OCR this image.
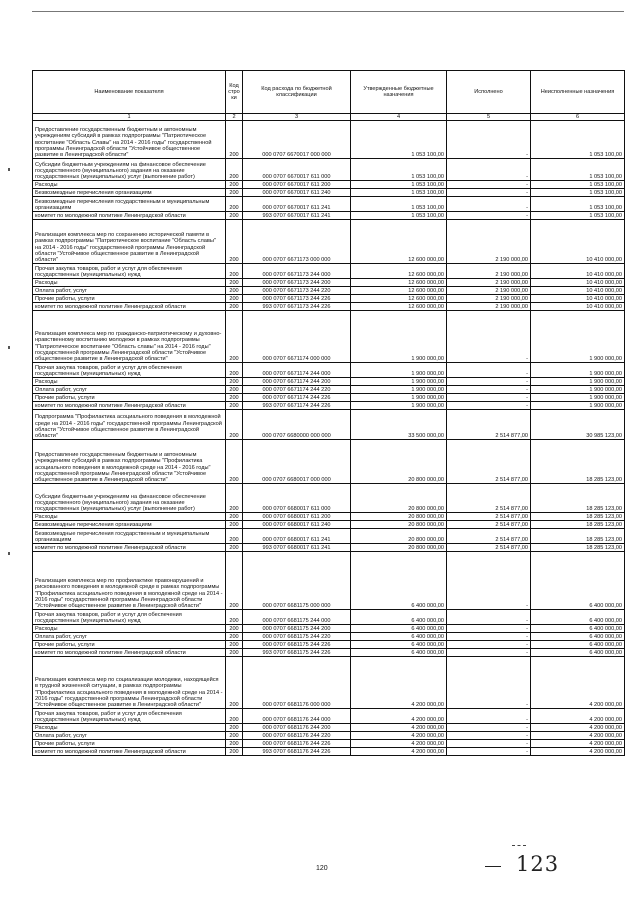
Наименование показателя	Код стро ки	Код расхода по бюджетной классификации	Утвержденные бюджетные назначения	Исполнено	Неисполненные назначения
1	2	3	4	5	6
Предоставление государственным бюджетным и автономным учреждениям субсидий в рамках подпрограммы "Патриотическое воспитание "Область Славы" на 2014 - 2016 годы" государственной программы Ленинградской области "Устойчивое общественное развитие в Ленинградской области"	200	000 0707 6670017 000 000	1 053 100,00	-	1 053 100,00
Субсидии бюджетным учреждениям на финансовое обеспечение государственного (муниципального) задания на оказание государственных (муниципальных) услуг (выполнение работ)	200	000 0707 6670017 611 000	1 053 100,00	-	1 053 100,00
Расходы	200	000 0707 6670017 611 200	1 053 100,00	-	1 053 100,00
Безвозмездные перечисления организациям	200	000 0707 6670017 611 240	1 053 100,00	-	1 053 100,00
Безвозмездные перечисления государственным и муниципальным организациям	200	000 0707 6670017 611 241	1 053 100,00	-	1 053 100,00
комитет по молодежной политике Ленинградской области	200	993 0707 6670017 611 241	1 053 100,00	-	1 053 100,00
Реализация комплекса мер по сохранению исторической памяти в рамках подпрограммы "Патриотическое воспитание "Область славы" на 2014 - 2016 годы" государственной программы Ленинградской области "Устойчивое общественное развитие в Ленинградской области"	200	000 0707 6671173 000 000	12 600 000,00	2 190 000,00	10 410 000,00
Прочая закупка товаров, работ и услуг для обеспечения государственных (муниципальных) нужд	200	000 0707 6671173 244 000	12 600 000,00	2 190 000,00	10 410 000,00
Расходы	200	000 0707 6671173 244 200	12 600 000,00	2 190 000,00	10 410 000,00
Оплата работ, услуг	200	000 0707 6671173 244 220	12 600 000,00	2 190 000,00	10 410 000,00
Прочие работы, услуги	200	000 0707 6671173 244 226	12 600 000,00	2 190 000,00	10 410 000,00
комитет по молодежной политике Ленинградской области	200	993 0707 6671173 244 226	12 600 000,00	2 190 000,00	10 410 000,00
Реализация комплекса мер по гражданско-патриотическому и духовно-нравственному воспитанию молодежи в рамках подпрограммы "Патриотическое воспитание "Область славы" на 2014 - 2016 годы" государственной программы Ленинградской области "Устойчивое общественное развитие в Ленинградской области"	200	000 0707 6671174 000 000	1 900 000,00	-	1 900 000,00
Прочая закупка товаров, работ и услуг для обеспечения государственных (муниципальных) нужд	200	000 0707 6671174 244 000	1 900 000,00	-	1 900 000,00
Расходы	200	000 0707 6671174 244 200	1 900 000,00	-	1 900 000,00
Оплата работ, услуг	200	000 0707 6671174 244 220	1 900 000,00	-	1 900 000,00
Прочие работы, услуги	200	000 0707 6671174 244 226	1 900 000,00	-	1 900 000,00
комитет по молодежной политике Ленинградской области	200	993 0707 6671174 244 226	1 900 000,00	-	1 900 000,00
Подпрограмма "Профилактика асоциального поведения в молодежной среде на 2014 - 2016 годы" государственной программы Ленинградской области "Устойчивое общественное развитие в Ленинградской области"	200	000 0707 6680000 000 000	33 500 000,00	2 514 877,00	30 985 123,00
Предоставление государственным бюджетным и автономным учреждениям субсидий в рамках подпрограммы "Профилактика асоциального поведения в молодежной среде на 2014 - 2016 годы" государственной программы Ленинградской области "Устойчивое общественное развитие в Ленинградской области"	200	000 0707 6680017 000 000	20 800 000,00	2 514 877,00	18 285 123,00
Субсидии бюджетным учреждениям на финансовое обеспечение государственного (муниципального) задания на оказание государственных (муниципальных) услуг (выполнение работ)	200	000 0707 6680017 611 000	20 800 000,00	2 514 877,00	18 285 123,00
Расходы	200	000 0707 6680017 611 200	20 800 000,00	2 514 877,00	18 285 123,00
Безвозмездные перечисления организациям	200	000 0707 6680017 611 240	20 800 000,00	2 514 877,00	18 285 123,00
Безвозмездные перечисления государственным и муниципальным организациям	200	000 0707 6680017 611 241	20 800 000,00	2 514 877,00	18 285 123,00
комитет по молодежной политике Ленинградской области	200	993 0707 6680017 611 241	20 800 000,00	2 514 877,00	18 285 123,00
Реализация комплекса мер по профилактике правонарушений и рискованного поведения в молодежной среде в рамках подпрограммы "Профилактика асоциального поведения в молодежной среде на 2014 - 2016 годы" государственной программы Ленинградской области "Устойчивое общественное развитие в Ленинградской области"	200	000 0707 6681175 000 000	6 400 000,00	-	6 400 000,00
Прочая закупка товаров, работ и услуг для обеспечения государственных (муниципальных) нужд	200	000 0707 6681175 244 000	6 400 000,00	-	6 400 000,00
Расходы	200	000 0707 6681175 244 200	6 400 000,00	-	6 400 000,00
Оплата работ, услуг	200	000 0707 6681175 244 220	6 400 000,00	-	6 400 000,00
Прочие работы, услуги	200	000 0707 6681175 244 226	6 400 000,00	-	6 400 000,00
комитет по молодежной политике Ленинградской области	200	993 0707 6681175 244 226	6 400 000,00	-	6 400 000,00
Реализация комплекса мер по социализации молодежи, находящейся в трудной жизненной ситуации, в рамках подпрограммы "Профилактика асоциального поведения в молодежной среде на 2014 - 2016 годы" государственной программы Ленинградской области "Устойчивое общественное развитие в Ленинградской области"	200	000 0707 6681176 000 000	4 200 000,00	-	4 200 000,00
Прочая закупка товаров, работ и услуг для обеспечения государственных (муниципальных) нужд	200	000 0707 6681176 244 000	4 200 000,00	-	4 200 000,00
Расходы	200	000 0707 6681176 244 200	4 200 000,00	-	4 200 000,00
Оплата работ, услуг	200	000 0707 6681176 244 220	4 200 000,00	-	4 200 000,00
Прочие работы, услуги	200	000 0707 6681176 244 226	4 200 000,00	-	4 200 000,00
комитет по молодежной политике Ленинградской области	200	993 0707 6681176 244 226	4 200 000,00	-	4 200 000,00
120	123
